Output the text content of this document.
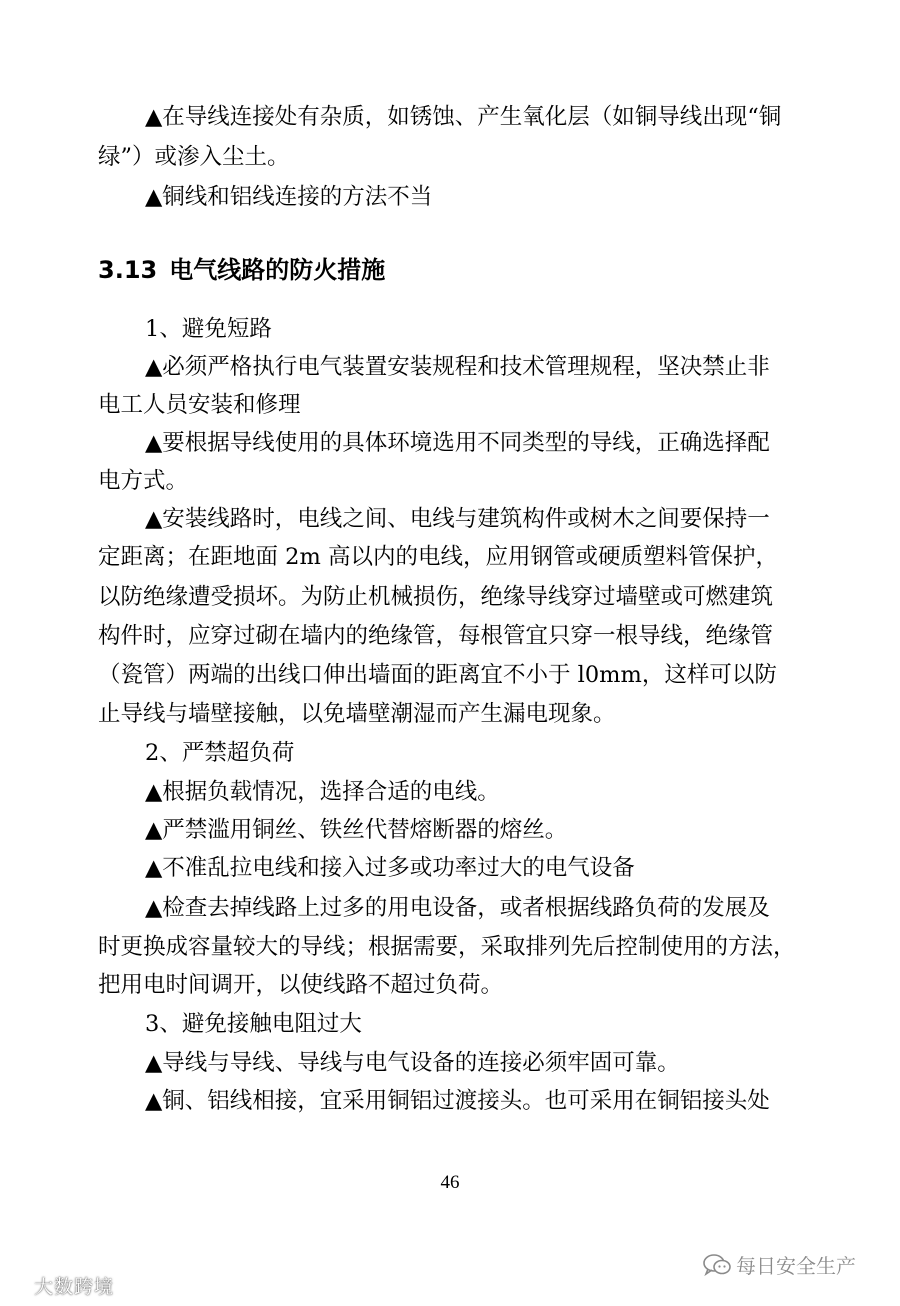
▲在导线连接处有杂质，如锈蚀、产生氧化层（如铜导线出现“铜
绿”）或渗入尘土。
▲铜线和铝线连接的方法不当
3.13 电气线路的防火措施
1、避免短路
▲必须严格执行电气装置安装规程和技术管理规程，坚决禁止非
电工人员安装和修理
▲要根据导线使用的具体环境选用不同类型的导线，正确选择配
电方式。
▲安装线路时，电线之间、电线与建筑构件或树木之间要保持一
定距离；在距地面 2m 高以内的电线，应用钢管或硬质塑料管保护，
以防绝缘遭受损坏。为防止机械损伤，绝缘导线穿过墙壁或可燃建筑
构件时，应穿过砌在墙内的绝缘管，每根管宜只穿一根导线，绝缘管
（瓷管）两端的出线口伸出墙面的距离宜不小于 l0mm，这样可以防
止导线与墙壁接触，以免墙壁潮湿而产生漏电现象。
2、严禁超负荷
▲根据负载情况，选择合适的电线。
▲严禁滥用铜丝、铁丝代替熔断器的熔丝。
▲不准乱拉电线和接入过多或功率过大的电气设备
▲检查去掉线路上过多的用电设备，或者根据线路负荷的发展及
时更换成容量较大的导线；根据需要，采取排列先后控制使用的方法，
把用电时间调开，以使线路不超过负荷。
3、避免接触电阻过大
▲导线与导线、导线与电气设备的连接必须牢固可靠。
▲铜、铝线相接，宜采用铜铝过渡接头。也可采用在铜铝接头处
46
每日安全生产
大数跨境
